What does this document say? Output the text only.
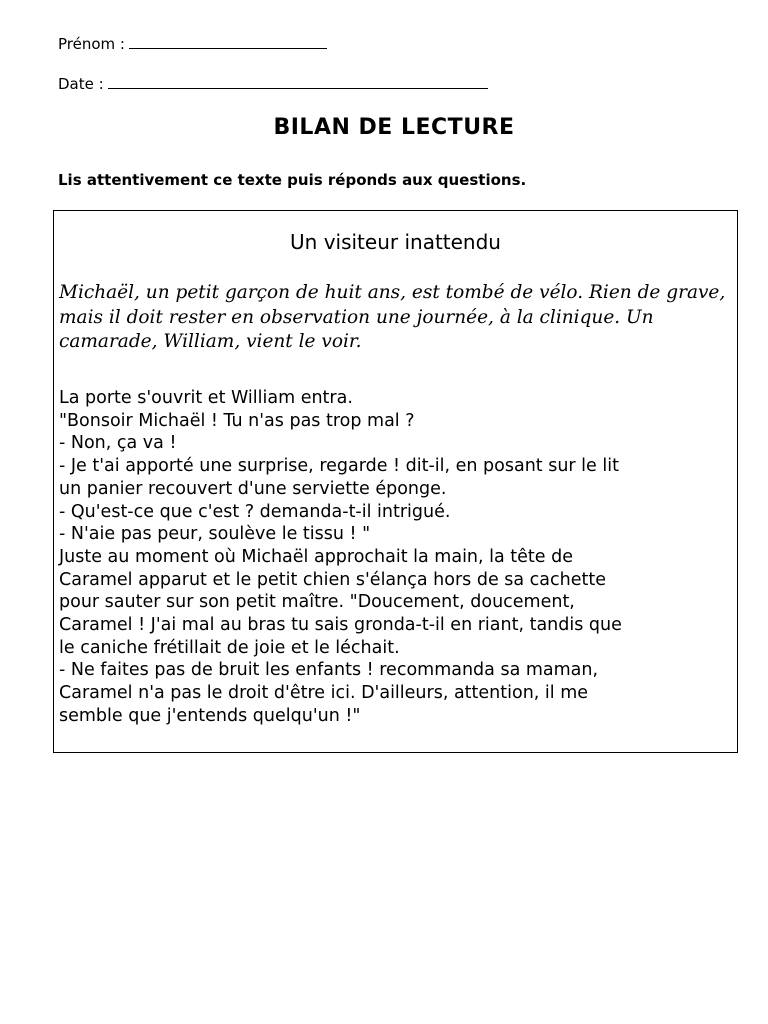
Prénom :
Date :
BILAN DE LECTURE
Lis attentivement ce texte puis réponds aux questions.
Un visiteur inattendu
Michaël, un petit garçon de huit ans, est tombé de vélo. Rien de grave, mais il doit rester en observation une journée, à la clinique. Un camarade, William, vient le voir.
La porte s'ouvrit et William entra.
"Bonsoir Michaël ! Tu n'as pas trop mal ?
- Non, ça va !
- Je t'ai apporté une surprise, regarde ! dit-il, en posant sur le lit
un panier recouvert d'une serviette éponge.
- Qu'est-ce que c'est ? demanda-t-il intrigué.
- N'aie pas peur, soulève le tissu ! "
Juste au moment où Michaël approchait la main, la tête de
Caramel apparut et le petit chien s'élança hors de sa cachette
pour sauter sur son petit maître. "Doucement, doucement,
Caramel ! J'ai mal au bras tu sais gronda-t-il en riant, tandis que
le caniche frétillait de joie et le léchait.
- Ne faites pas de bruit les enfants ! recommanda sa maman,
Caramel n'a pas le droit d'être ici. D'ailleurs, attention, il me
semble que j'entends quelqu'un !"
